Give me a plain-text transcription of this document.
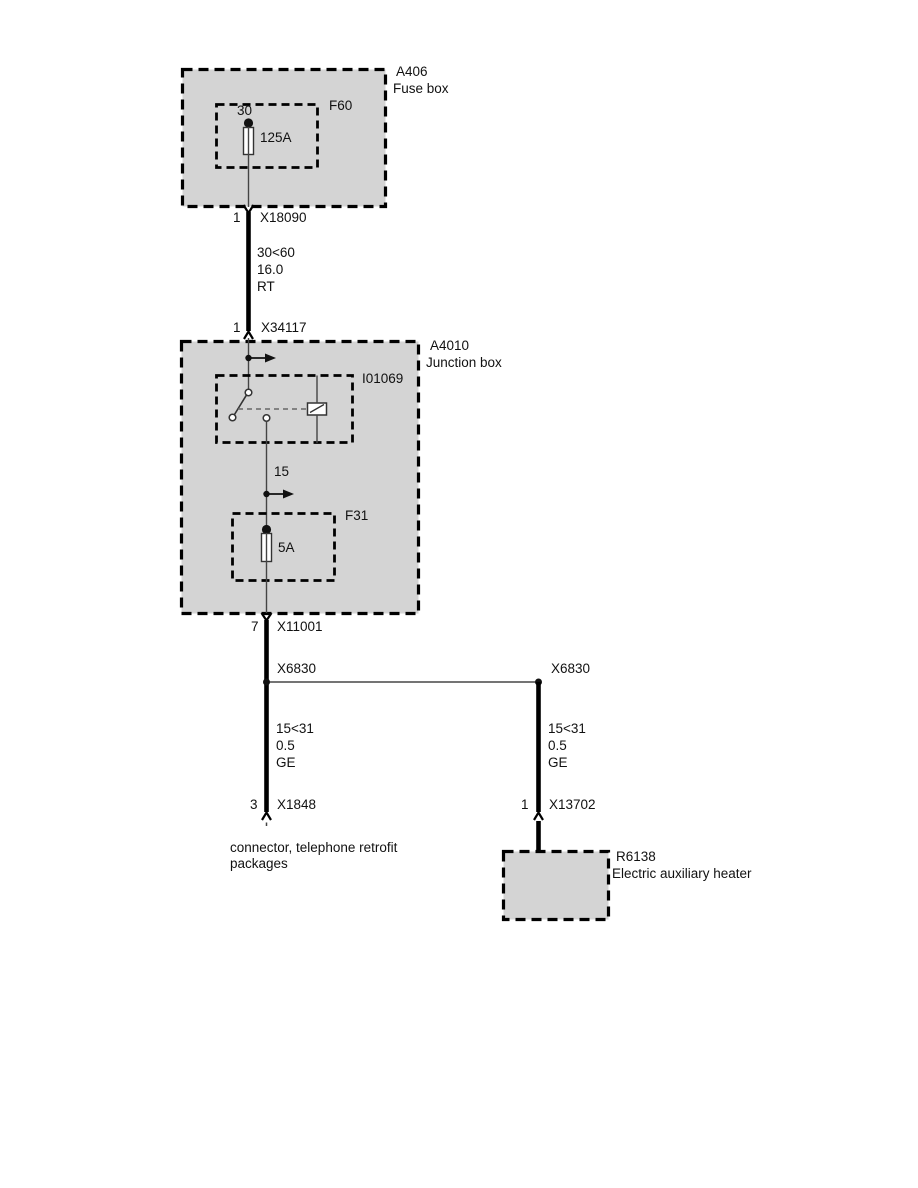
A406
Fuse box
F60
30
125A
1 X18090
30<60
16.0
RT
1 X34117
A4010
Junction box
I01069
15
F31
5A
7 X11001
X6830	X6830
15<31
0.5
GE
15<31
0.5
GE
3 X1848	1 X13702
connector, telephone retrofit packages	R6138
Electric auxiliary heater
